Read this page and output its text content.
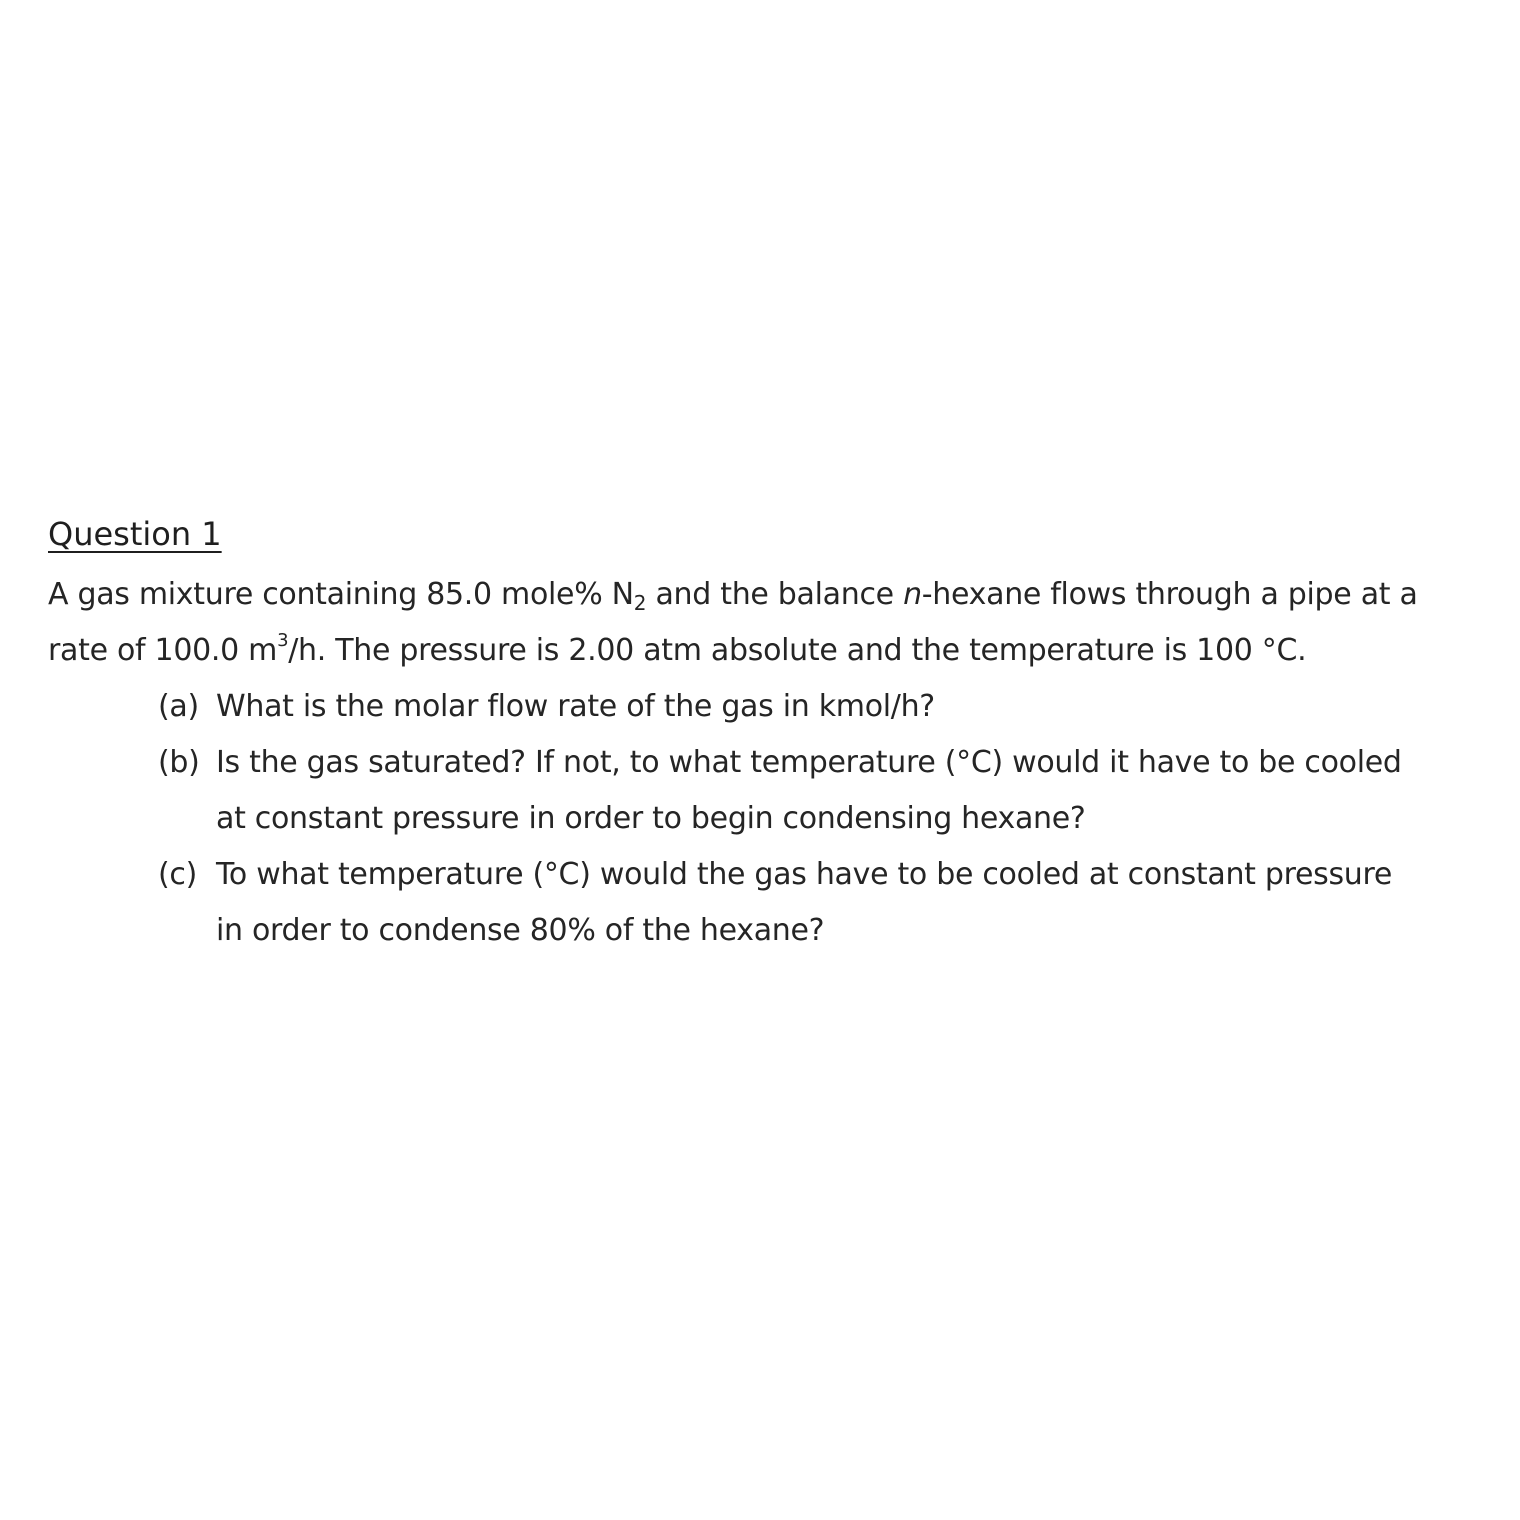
Question 1

A gas mixture containing 85.0 mole% $N_2$ and the balance n-hexane flows through a pipe at a
rate of 100.0 $m^3/h$. The pressure is 2.00 atm absolute and the temperature is 100 °C.

(a) What is the molar flow rate of the gas in kmol/h?
(b) Is the gas saturated? If not, to what temperature (°C) would it have to be cooled
at constant pressure in order to begin condensing hexane?
(c) To what temperature (°C) would the gas have to be cooled at constant pressure
in order to condense 80% of the hexane?
